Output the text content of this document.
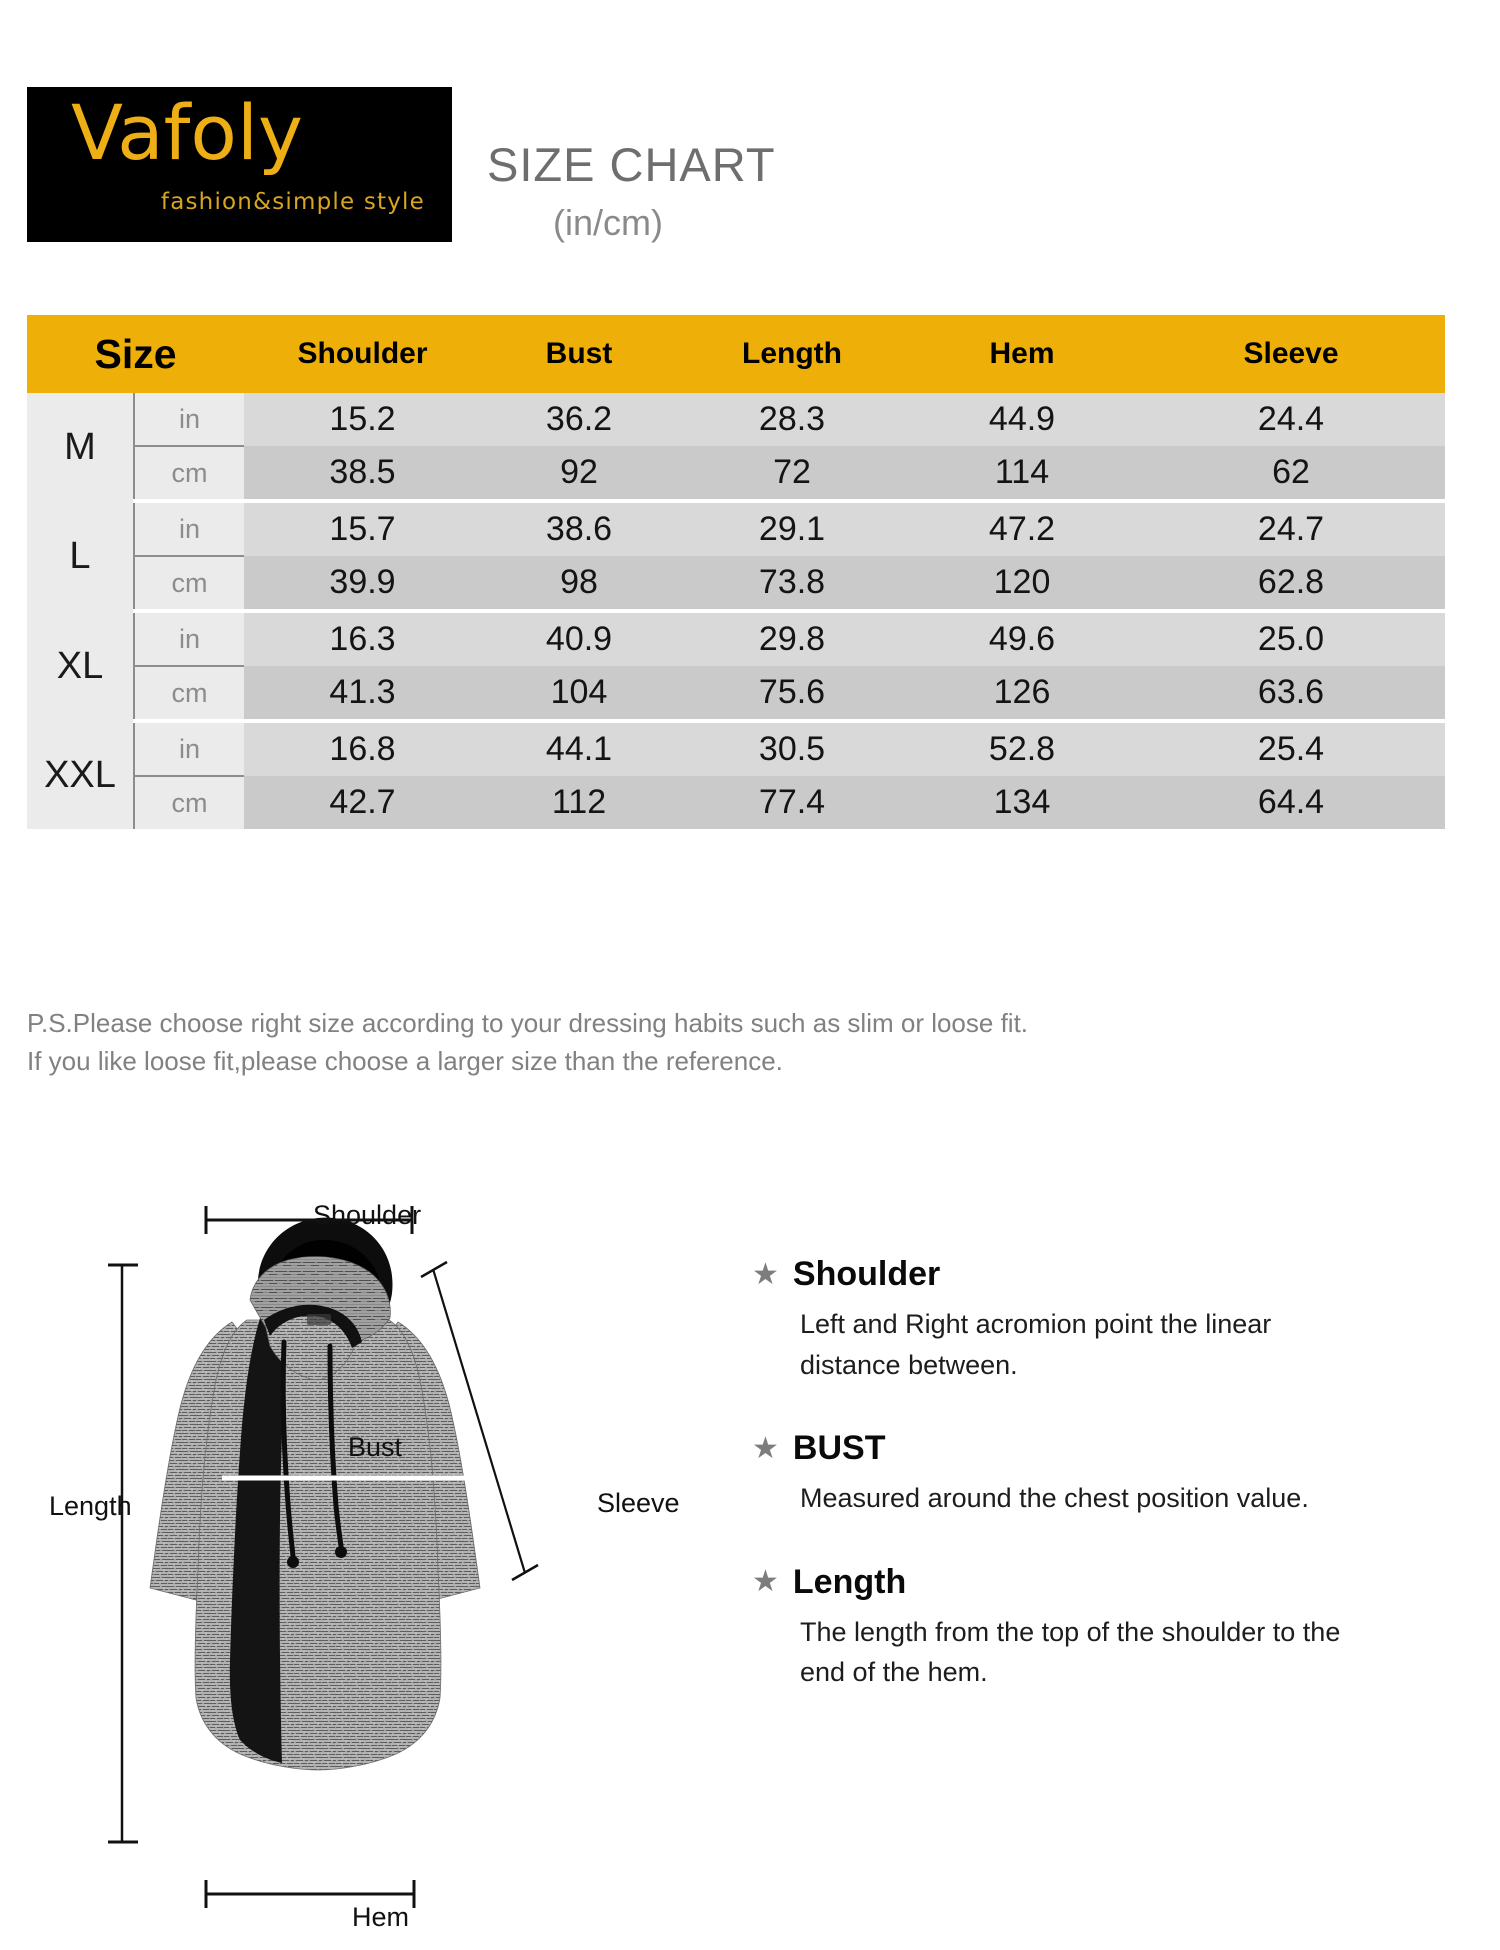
Vafoly
fashion&simple style
SIZE CHART
(in/cm)
Size		Shoulder	Bust	Length	Hem	Sleeve
M	in	15.2	36.2	28.3	44.9	24.4
	cm	38.5	92	72	114	62
L	in	15.7	38.6	29.1	47.2	24.7
	cm	39.9	98	73.8	120	62.8
XL	in	16.3	40.9	29.8	49.6	25.0
	cm	41.3	104	75.6	126	63.6
XXL	in	16.8	44.1	30.5	52.8	25.4
	cm	42.7	112	77.4	134	64.4
P.S.Please choose right size according to your dressing habits such as slim or loose fit.
If you like loose fit,please choose a larger size than the reference.
Shoulder
Length	Sleeve
Bust
Hem
★ Shoulder
Left and Right acromion point the linear distance between.
★ BUST
Measured around the chest position value.
★ Length
The length from the top of the shoulder to the end of the hem.
